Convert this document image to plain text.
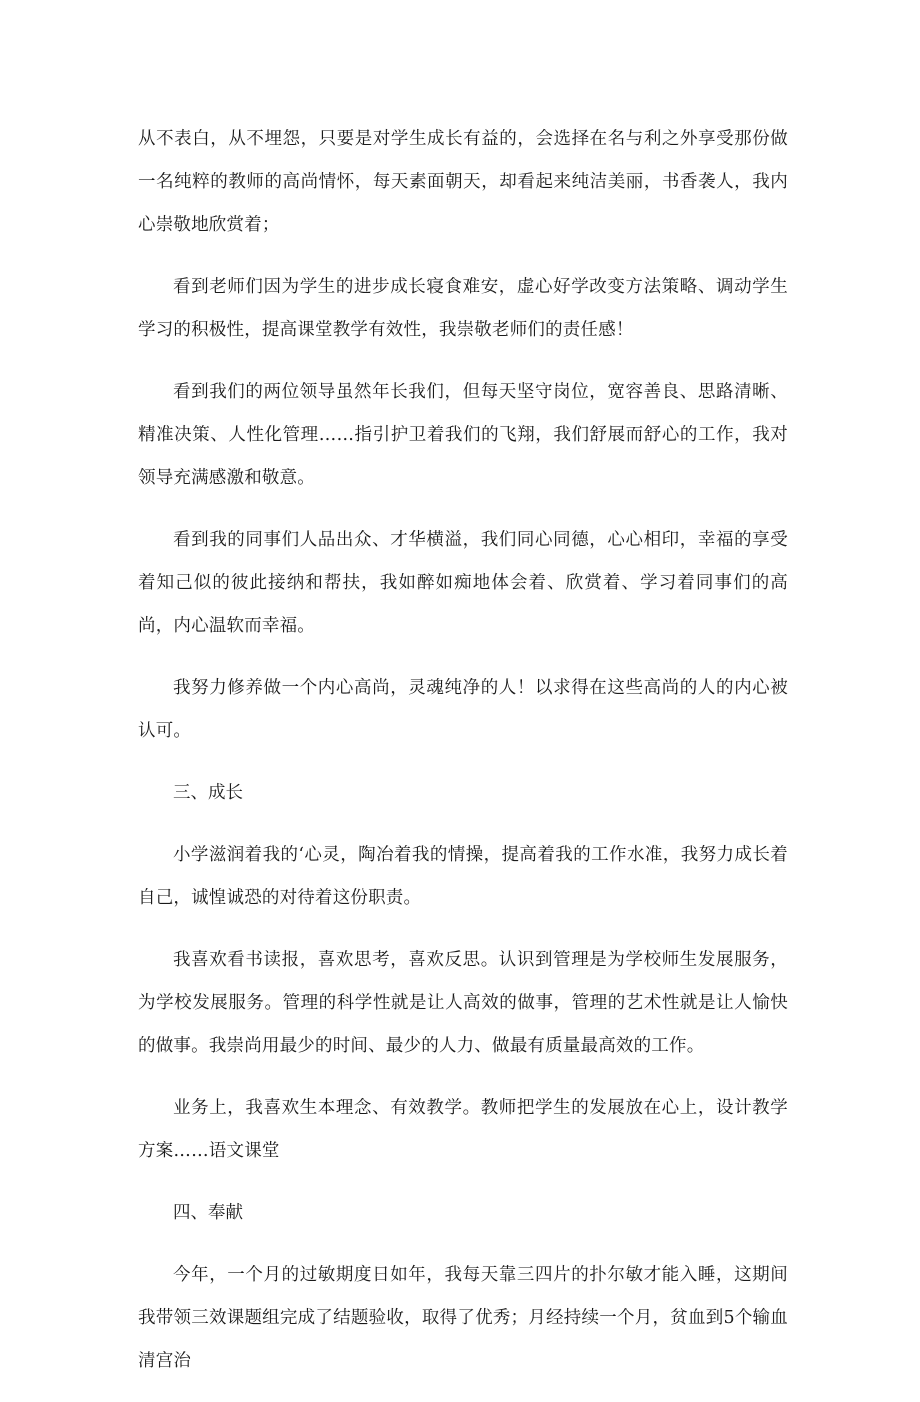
从不表白，从不埋怨，只要是对学生成长有益的，会选择在名与利之外享受那份做一名纯粹的教师的高尚情怀，每天素面朝天，却看起来纯洁美丽，书香袭人，我内心崇敬地欣赏着；

看到老师们因为学生的进步成长寝食难安，虚心好学改变方法策略、调动学生学习的积极性，提高课堂教学有效性，我崇敬老师们的责任感！

看到我们的两位领导虽然年长我们，但每天坚守岗位，宽容善良、思路清晰、精准决策、人性化管理……指引护卫着我们的飞翔，我们舒展而舒心的工作，我对领导充满感激和敬意。

看到我的同事们人品出众、才华横溢，我们同心同德，心心相印，幸福的享受着知己似的彼此接纳和帮扶，我如醉如痴地体会着、欣赏着、学习着同事们的高尚，内心温软而幸福。

我努力修养做一个内心高尚，灵魂纯净的人！以求得在这些高尚的人的内心被认可。

三、成长

小学滋润着我的‘心灵，陶冶着我的情操，提高着我的工作水准，我努力成长着自己，诚惶诚恐的对待着这份职责。

我喜欢看书读报，喜欢思考，喜欢反思。认识到管理是为学校师生发展服务，为学校发展服务。管理的科学性就是让人高效的做事，管理的艺术性就是让人愉快的做事。我崇尚用最少的时间、最少的人力、做最有质量最高效的工作。

业务上，我喜欢生本理念、有效教学。教师把学生的发展放在心上，设计教学方案……语文课堂

四、奉献

今年，一个月的过敏期度日如年，我每天靠三四片的扑尔敏才能入睡，这期间我带领三效课题组完成了结题验收，取得了优秀；月经持续一个月，贫血到5个输血清宫治
